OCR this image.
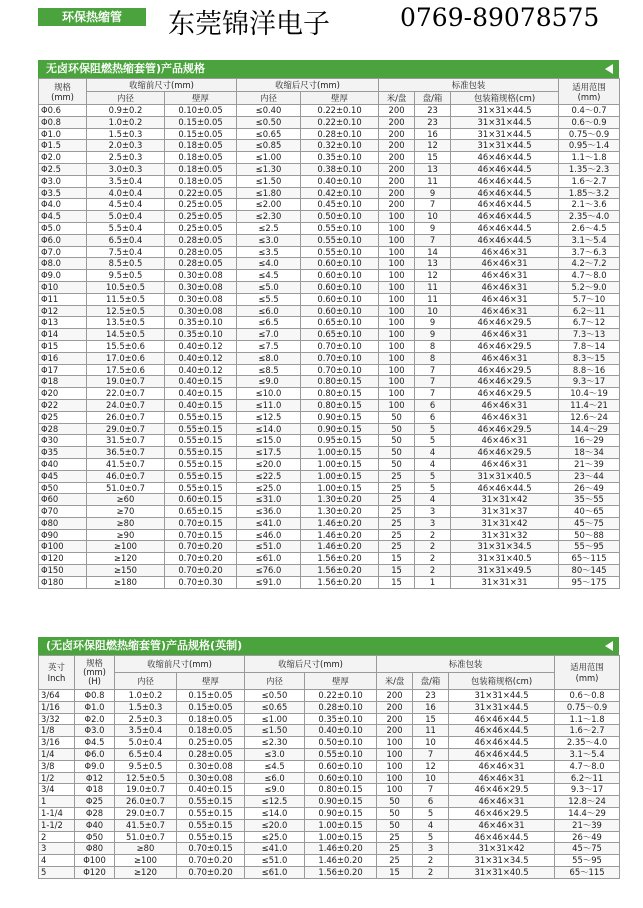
环保热缩管	东莞锦洋电子	0769-89078575
无卤环保阻燃热缩套管)产品规格
规格
(mm)	收缩前尺寸(mm)		收缩后尺寸(mm)		标准包装			适用范围
(mm)
	内径	壁厚	内径	壁厚	米/盘	盘/箱	包装箱规格(cm)	
Φ0.6	0.9±0.2	0.10±0.05	≤0.40	0.22±0.10	200	23	31×31×44.5	0.4～0.7
Φ0.8	1.0±0.2	0.15±0.05	≤0.50	0.22±0.10	200	23	31×31×44.5	0.6～0.9
Φ1.0	1.5±0.3	0.15±0.05	≤0.65	0.28±0.10	200	16	31×31×44.5	0.75～0.9
Φ1.5	2.0±0.3	0.18±0.05	≤0.85	0.32±0.10	200	12	31×31×44.5	0.95～1.4
Φ2.0	2.5±0.3	0.18±0.05	≤1.00	0.35±0.10	200	15	46×46×44.5	1.1～1.8
Φ2.5	3.0±0.3	0.18±0.05	≤1.30	0.38±0.10	200	13	46×46×44.5	1.35～2.3
Φ3.0	3.5±0.4	0.18±0.05	≤1.50	0.40±0.10	200	11	46×46×44.5	1.6～2.7
Φ3.5	4.0±0.4	0.22±0.05	≤1.80	0.42±0.10	200	9	46×46×44.5	1.85～3.2
Φ4.0	4.5±0.4	0.25±0.05	≤2.00	0.45±0.10	200	7	46×46×44.5	2.1～3.6
Φ4.5	5.0±0.4	0.25±0.05	≤2.30	0.50±0.10	100	10	46×46×44.5	2.35～4.0
Φ5.0	5.5±0.4	0.25±0.05	≤2.5	0.55±0.10	100	9	46×46×44.5	2.6～4.5
Φ6.0	6.5±0.4	0.28±0.05	≤3.0	0.55±0.10	100	7	46×46×44.5	3.1～5.4
Φ7.0	7.5±0.4	0.28±0.05	≤3.5	0.55±0.10	100	14	46×46×31	3.7～6.3
Φ8.0	8.5±0.5	0.28±0.05	≤4.0	0.60±0.10	100	13	46×46×31	4.2～7.2
Φ9.0	9.5±0.5	0.30±0.08	≤4.5	0.60±0.10	100	12	46×46×31	4.7～8.0
Φ10	10.5±0.5	0.30±0.08	≤5.0	0.60±0.10	100	11	46×46×31	5.2～9.0
Φ11	11.5±0.5	0.30±0.08	≤5.5	0.60±0.10	100	11	46×46×31	5.7～10
Φ12	12.5±0.5	0.30±0.08	≤6.0	0.60±0.10	100	10	46×46×31	6.2～11
Φ13	13.5±0.5	0.35±0.10	≤6.5	0.65±0.10	100	9	46×46×29.5	6.7～12
Φ14	14.5±0.5	0.35±0.10	≤7.0	0.65±0.10	100	9	46×46×31	7.3～13
Φ15	15.5±0.6	0.40±0.12	≤7.5	0.70±0.10	100	8	46×46×29.5	7.8～14
Φ16	17.0±0.6	0.40±0.12	≤8.0	0.70±0.10	100	8	46×46×31	8.3～15
Φ17	17.5±0.6	0.40±0.12	≤8.5	0.70±0.10	100	7	46×46×29.5	8.8～16
Φ18	19.0±0.7	0.40±0.15	≤9.0	0.80±0.15	100	7	46×46×29.5	9.3～17
Φ20	22.0±0.7	0.40±0.15	≤10.0	0.80±0.15	100	7	46×46×29.5	10.4～19
Φ22	24.0±0.7	0.40±0.15	≤11.0	0.80±0.15	100	6	46×46×31	11.4～21
Φ25	26.0±0.7	0.55±0.15	≤12.5	0.90±0.15	50	6	46×46×31	12.6～24
Φ28	29.0±0.7	0.55±0.15	≤14.0	0.90±0.15	50	5	46×46×29.5	14.4～29
Φ30	31.5±0.7	0.55±0.15	≤15.0	0.95±0.15	50	5	46×46×31	16～29
Φ35	36.5±0.7	0.55±0.15	≤17.5	1.00±0.15	50	4	46×46×29.5	18～34
Φ40	41.5±0.7	0.55±0.15	≤20.0	1.00±0.15	50	4	46×46×31	21～39
Φ45	46.0±0.7	0.55±0.15	≤22.5	1.00±0.15	25	5	31×31×40.5	23～44
Φ50	51.0±0.7	0.55±0.15	≤25.0	1.00±0.15	25	5	46×46×44.5	26～49
Φ60	≥60	0.60±0.15	≤31.0	1.30±0.20	25	4	31×31×42	35～55
Φ70	≥70	0.65±0.15	≤36.0	1.30±0.20	25	3	31×31×37	40～65
Φ80	≥80	0.70±0.15	≤41.0	1.46±0.20	25	3	31×31×42	45～75
Φ90	≥90	0.70±0.15	≤46.0	1.46±0.20	25	2	31×31×32	50～88
Φ100	≥100	0.70±0.20	≤51.0	1.46±0.20	25	2	31×31×34.5	55～95
Φ120	≥120	0.70±0.20	≤61.0	1.56±0.20	15	2	31×31×40.5	65～115
Φ150	≥150	0.70±0.20	≤76.0	1.56±0.20	15	2	31×31×49.5	80～145
Φ180	≥180	0.70±0.30	≤91.0	1.56±0.20	15	1	31×31×31	95～175
(无卤环保阻燃热缩套管)产品规格(英制)
英寸
Inch	规格
(mm)
(H)	收缩前尺寸(mm)		收缩后尺寸(mm)		标准包装			适用范围
(mm)
		内径	壁厚	内径	壁厚	米/盘	盘/箱	包装箱规格(cm)	
3/64	Φ0.8	1.0±0.2	0.15±0.05	≤0.50	0.22±0.10	200	23	31×31×44.5	0.6～0.8
1/16	Φ1.0	1.5±0.3	0.15±0.05	≤0.65	0.28±0.10	200	16	31×31×44.5	0.75～0.9
3/32	Φ2.0	2.5±0.3	0.18±0.05	≤1.00	0.35±0.10	200	15	46×46×44.5	1.1～1.8
1/8	Φ3.0	3.5±0.4	0.18±0.05	≤1.50	0.40±0.10	200	11	46×46×44.5	1.6～2.7
3/16	Φ4.5	5.0±0.4	0.25±0.05	≤2.30	0.50±0.10	100	10	46×46×44.5	2.35～4.0
1/4	Φ6.0	6.5±0.4	0.28±0.05	≤3.0	0.55±0.10	100	7	46×46×44.5	3.1～5.4
3/8	Φ9.0	9.5±0.5	0.30±0.08	≤4.5	0.60±0.10	100	12	46×46×31	4.7～8.0
1/2	Φ12	12.5±0.5	0.30±0.08	≤6.0	0.60±0.10	100	10	46×46×31	6.2～11
3/4	Φ18	19.0±0.7	0.40±0.15	≤9.0	0.80±0.15	100	7	46×46×29.5	9.3～17
1	Φ25	26.0±0.7	0.55±0.15	≤12.5	0.90±0.15	50	6	46×46×31	12.8～24
1-1/4	Φ28	29.0±0.7	0.55±0.15	≤14.0	0.90±0.15	50	5	46×46×29.5	14.4～29
1-1/2	Φ40	41.5±0.7	0.55±0.15	≤20.0	1.00±0.15	50	4	46×46×31	21～39
2	Φ50	51.0±0.7	0.55±0.15	≤25.0	1.00±0.15	25	5	46×46×44.5	26～49
3	Φ80	≥80	0.70±0.15	≤41.0	1.46±0.20	25	3	31×31×42	45～75
4	Φ100	≥100	0.70±0.20	≤51.0	1.46±0.20	25	2	31×31×34.5	55～95
5	Φ120	≥120	0.70±0.20	≤61.0	1.56±0.20	15	2	31×31×40.5	65～115
